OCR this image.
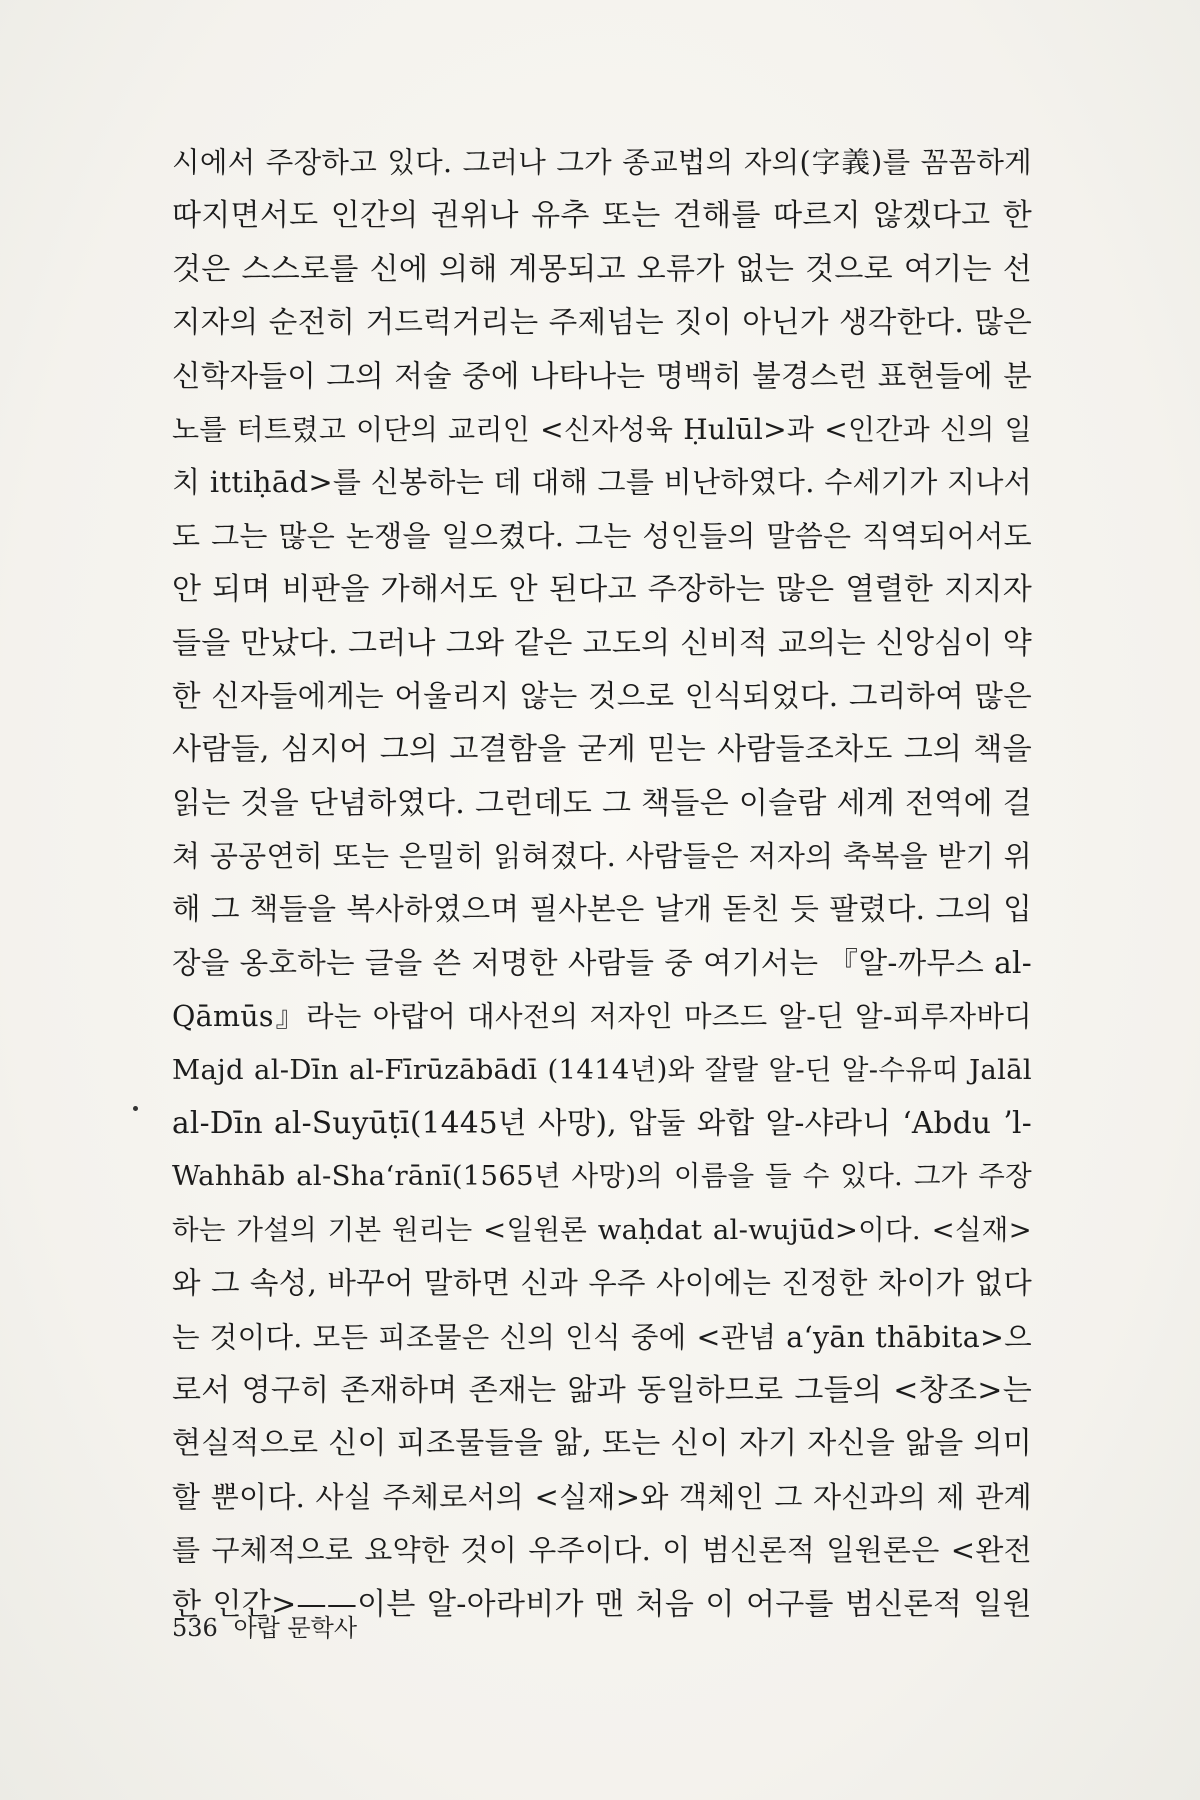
시에서 주장하고 있다. 그러나 그가 종교법의 자의(字義)를 꼼꼼하게
따지면서도 인간의 권위나 유추 또는 견해를 따르지 않겠다고 한
것은 스스로를 신에 의해 계몽되고 오류가 없는 것으로 여기는 선
지자의 순전히 거드럭거리는 주제넘는 짓이 아닌가 생각한다. 많은
신학자들이 그의 저술 중에 나타나는 명백히 불경스런 표현들에 분
노를 터트렸고 이단의 교리인 <신자성육 Ḥulūl>과 <인간과 신의 일
치 ittiḥād>를 신봉하는 데 대해 그를 비난하였다. 수세기가 지나서
도 그는 많은 논쟁을 일으켰다. 그는 성인들의 말씀은 직역되어서도
안 되며 비판을 가해서도 안 된다고 주장하는 많은 열렬한 지지자
들을 만났다. 그러나 그와 같은 고도의 신비적 교의는 신앙심이 약
한 신자들에게는 어울리지 않는 것으로 인식되었다. 그리하여 많은
사람들, 심지어 그의 고결함을 굳게 믿는 사람들조차도 그의 책을
읽는 것을 단념하였다. 그런데도 그 책들은 이슬람 세계 전역에 걸
쳐 공공연히 또는 은밀히 읽혀졌다. 사람들은 저자의 축복을 받기 위
해 그 책들을 복사하였으며 필사본은 날개 돋친 듯 팔렸다. 그의 입
장을 옹호하는 글을 쓴 저명한 사람들 중 여기서는 『알-까무스 al-
Qāmūs』라는 아랍어 대사전의 저자인 마즈드 알-딘 알-피루자바디
Majd al-Dīn al-Fīrūzābādī (1414년)와 잘랄 알-딘 알-수유띠 Jalāl
al-Dīn al-Suyūṭī(1445년 사망), 압둘 와합 알-샤라니 ʻAbdu ʼl-
Wahhāb al-Shaʻrānī(1565년 사망)의 이름을 들 수 있다. 그가 주장
하는 가설의 기본 원리는 <일원론 waḥdat al-wujūd>이다. <실재>
와 그 속성, 바꾸어 말하면 신과 우주 사이에는 진정한 차이가 없다
는 것이다. 모든 피조물은 신의 인식 중에 <관념 aʻyān thābita>으
로서 영구히 존재하며 존재는 앎과 동일하므로 그들의 <창조>는
현실적으로 신이 피조물들을 앎, 또는 신이 자기 자신을 앎을 의미
할 뿐이다. 사실 주체로서의 <실재>와 객체인 그 자신과의 제 관계
를 구체적으로 요약한 것이 우주이다. 이 범신론적 일원론은 <완전
한 인간>——이븐 알-아라비가 맨 처음 이 어구를 범신론적 일원
536 아랍 문학사
